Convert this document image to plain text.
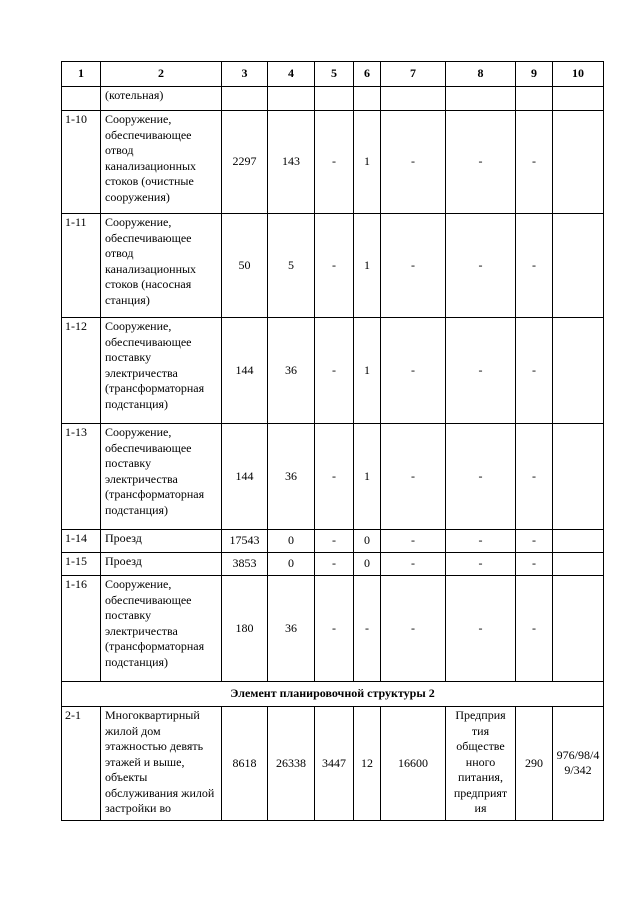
1	2	3	4	5	6	7	8	9	10
	(котельная)								
1-10	Сооружение, обеспечивающее отвод канализационных стоков (очистные сооружения)	2297	143	-	1	-	-	-	
1-11	Сооружение, обеспечивающее отвод канализационных стоков (насосная станция)	50	5	-	1	-	-	-	
1-12	Сооружение, обеспечивающее поставку электричества (трансформаторная подстанция)	144	36	-	1	-	-	-	
1-13	Сооружение, обеспечивающее поставку электричества (трансформаторная подстанция)	144	36	-	1	-	-	-	
1-14	Проезд	17543	0	-	0	-	-	-	
1-15	Проезд	3853	0	-	0	-	-	-	
1-16	Сооружение, обеспечивающее поставку электричества (трансформаторная подстанция)	180	36	-	-	-	-	-	
Элемент планировочной структуры 2									
2-1	Многоквартирный жилой дом этажностью девять этажей и выше, объекты обслуживания жилой застройки во	8618	26338	3447	12	16600	Предприя тия обществе нного питания, предприят ия	290	976/98/4 9/342
